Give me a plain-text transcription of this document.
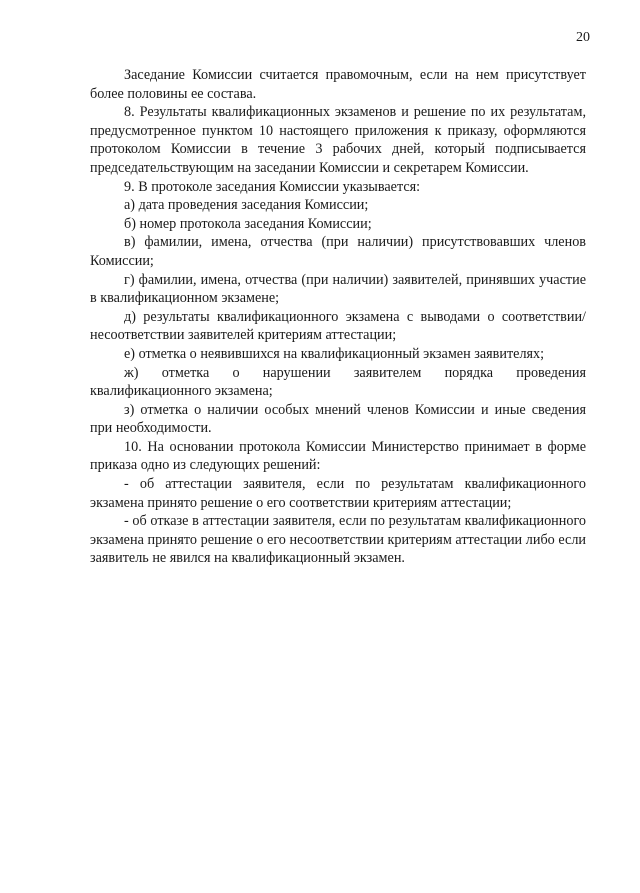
20

Заседание Комиссии считается правомочным, если на нем присутствует более половины ее состава.

8. Результаты квалификационных экзаменов и решение по их результатам, предусмотренное пунктом 10 настоящего приложения к приказу, оформляются протоколом Комиссии в течение 3 рабочих дней, который подписывается председательствующим на заседании Комиссии и секретарем Комиссии.

9. В протоколе заседания Комиссии указывается:

а) дата проведения заседания Комиссии;

б) номер протокола заседания Комиссии;

в) фамилии, имена, отчества (при наличии) присутствовавших членов Комиссии;

г) фамилии, имена, отчества (при наличии) заявителей, принявших участие в квалификационном экзамене;

д) результаты квалификационного экзамена с выводами о соответствии/несоответствии заявителей критериям аттестации;

е) отметка о неявившихся на квалификационный экзамен заявителях;

ж) отметка о нарушении заявителем порядка проведения квалификационного экзамена;

з) отметка о наличии особых мнений членов Комиссии и иные сведения при необходимости.

10. На основании протокола Комиссии Министерство принимает в форме приказа одно из следующих решений:

- об аттестации заявителя, если по результатам квалификационного экзамена принято решение о его соответствии критериям аттестации;

- об отказе в аттестации заявителя, если по результатам квалификационного экзамена принято решение о его несоответствии критериям аттестации либо если заявитель не явился на квалификационный экзамен.
